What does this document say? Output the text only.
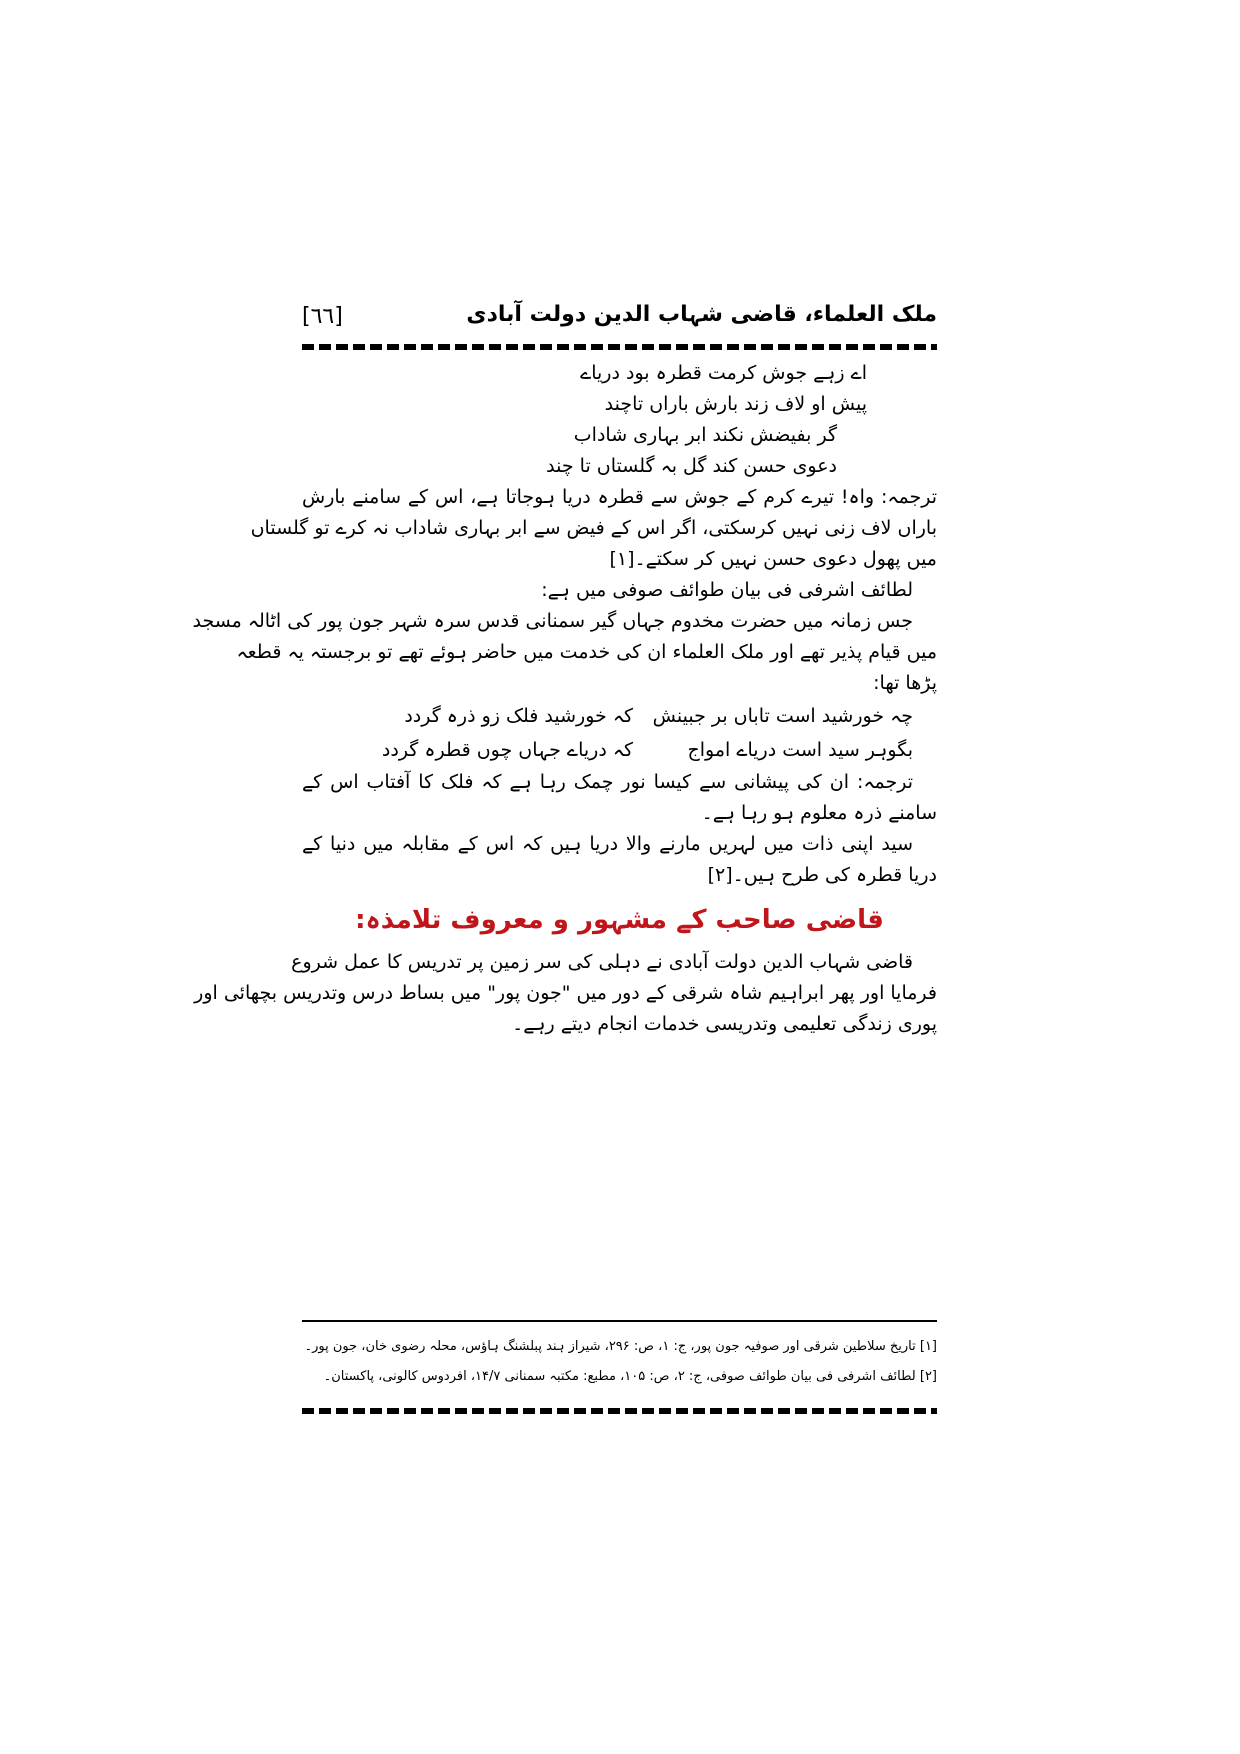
ملک العلماء، قاضی شہاب الدین دولت آبادی
[٦٦]
اے زہے جوش کرمت قطرہ بود دریاے
پیش او لاف زند بارش باراں تاچند
گر بفیضش نکند ابر بہاری شاداب
دعوی حسن کند گل بہ گلستاں تا چند
ترجمہ: واہ! تیرے کرم کے جوش سے قطرہ دریا ہوجاتا ہے، اس کے سامنے بارش
باراں لاف زنی نہیں کرسکتی، اگر اس کے فیض سے ابر بہاری شاداب نہ کرے تو گلستاں
میں پھول دعوی حسن نہیں کر سکتے۔[۱]
لطائف اشرفی فی بیان طوائف صوفی میں ہے:
جس زمانہ میں حضرت مخدوم جہاں گیر سمنانی قدس سرہ شہر جون پور کی اٹالہ مسجد
میں قیام پذیر تھے اور ملک العلماء ان کی خدمت میں حاضر ہوئے تھے تو برجستہ یہ قطعہ
پڑھا تھا:
چہ خورشید است تاباں بر جبینش
کہ خورشید فلک زو ذرہ گردد
بگوہر سید است دریاے امواج
کہ دریاے جہاں چوں قطرہ گردد
ترجمہ: ان کی پیشانی سے کیسا نور چمک رہا ہے کہ فلک کا آفتاب اس کے
سامنے ذرہ معلوم ہو رہا ہے۔
سید اپنی ذات میں لہریں مارنے والا دریا ہیں کہ اس کے مقابلہ میں دنیا کے
دریا قطرہ کی طرح ہیں۔[۲]
قاضی صاحب کے مشہور و معروف تلامذہ:
قاضی شہاب الدین دولت آبادی نے دہلی کی سر زمین پر تدریس کا عمل شروع
فرمایا اور پھر ابراہیم شاہ شرقی کے دور میں "جون پور" میں بساط درس وتدریس بچھائی اور
پوری زندگی تعلیمی وتدریسی خدمات انجام دیتے رہے۔
[۱] تاریخ سلاطین شرقی اور صوفیہ جون پور، ج: ۱، ص: ۲۹۶، شیراز ہند پبلشنگ ہاؤس، محلہ رضوی خان، جون پور۔
[۲] لطائف اشرفی فی بیان طوائف صوفی، ج: ۲، ص: ۱۰۵، مطبع: مکتبہ سمنانی ۱۴/۷، افردوس کالونی، پاکستان۔
